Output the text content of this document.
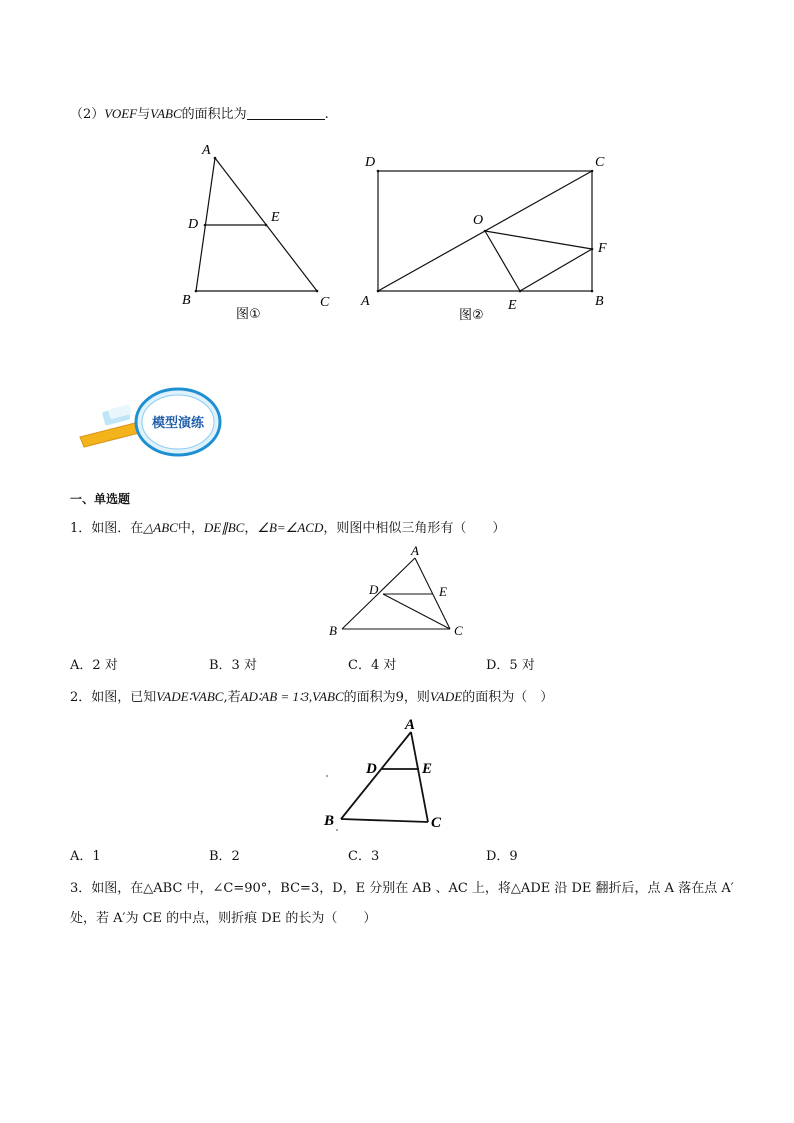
（2）VOEF与VABC的面积比为	.
A
D	E
B	C
图①
D	C
O
F
A	E	B
图②
模型演练
一、单选题
1．如图．在△ABC中，DE∥BC，∠B=∠ACD，则图中相似三角形有（　　）
A
D	E
B	C
A．2 对	B．3 对	C．4 对	D．5 对
2．如图，已知VADE∶VABC,若AD∶AB = 1∶3,VABC的面积为9，则VADE的面积为（　）
A
D	E
B	C
A．1	B．2	C．3	D．9
3．如图，在△ABC 中，∠C=90°，BC=3，D，E 分别在 AB 、AC 上，将△ADE 沿 DE 翻折后，点 A 落在点 A′
处，若 A′为 CE 的中点，则折痕 DE 的长为（　　）
